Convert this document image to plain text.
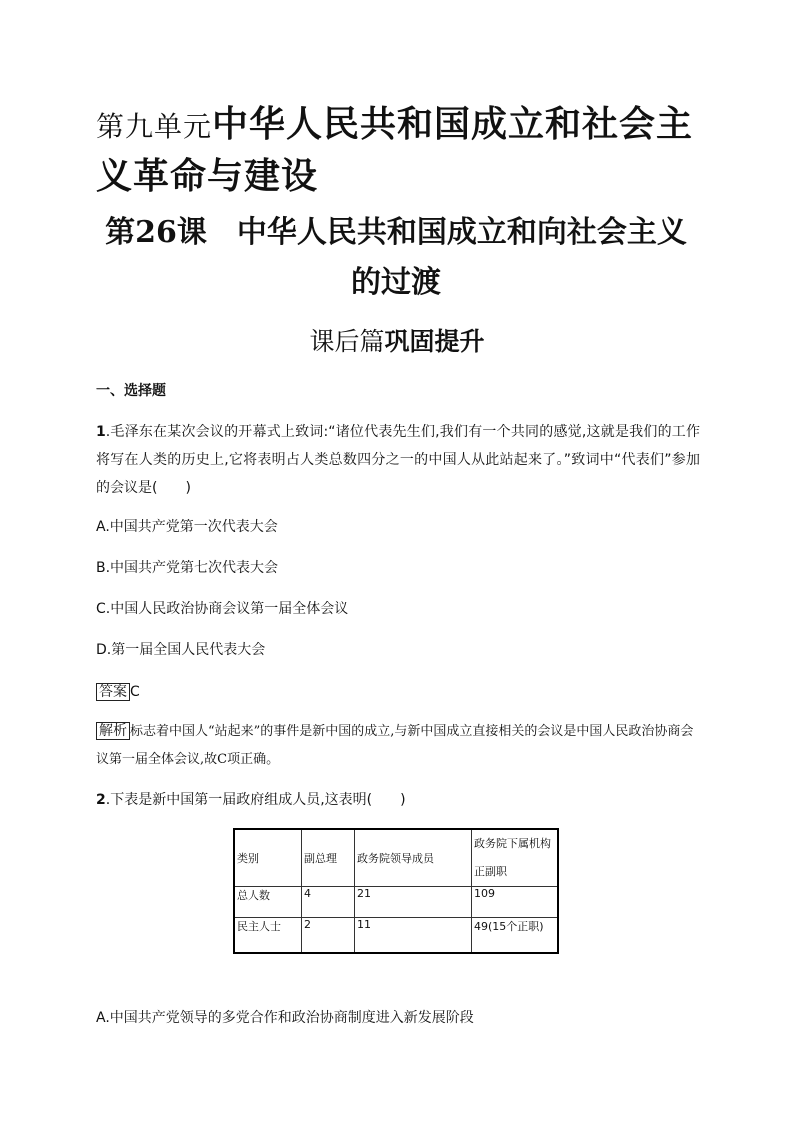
第九单元中华人民共和国成立和社会主义革命与建设
第26课  中华人民共和国成立和向社会主义的过渡
课后篇巩固提升
一、选择题
1.毛泽东在某次会议的开幕式上致词:“诸位代表先生们,我们有一个共同的感觉,这就是我们的工作将写在人类的历史上,它将表明占人类总数四分之一的中国人从此站起来了。”致词中“代表们”参加的会议是(　　)
A.中国共产党第一次代表大会
B.中国共产党第七次代表大会
C.中国人民政治协商会议第一届全体会议
D.第一届全国人民代表大会
答案 C
解析 标志着中国人“站起来”的事件是新中国的成立,与新中国成立直接相关的会议是中国人民政治协商会议第一届全体会议,故C项正确。
2.下表是新中国第一届政府组成人员,这表明(　　)
类别	副总理	政务院领导成员	政务院下属机构正副职
总人数	4	21	109
民主人士	2	11	49(15个正职)
A.中国共产党领导的多党合作和政治协商制度进入新发展阶段
